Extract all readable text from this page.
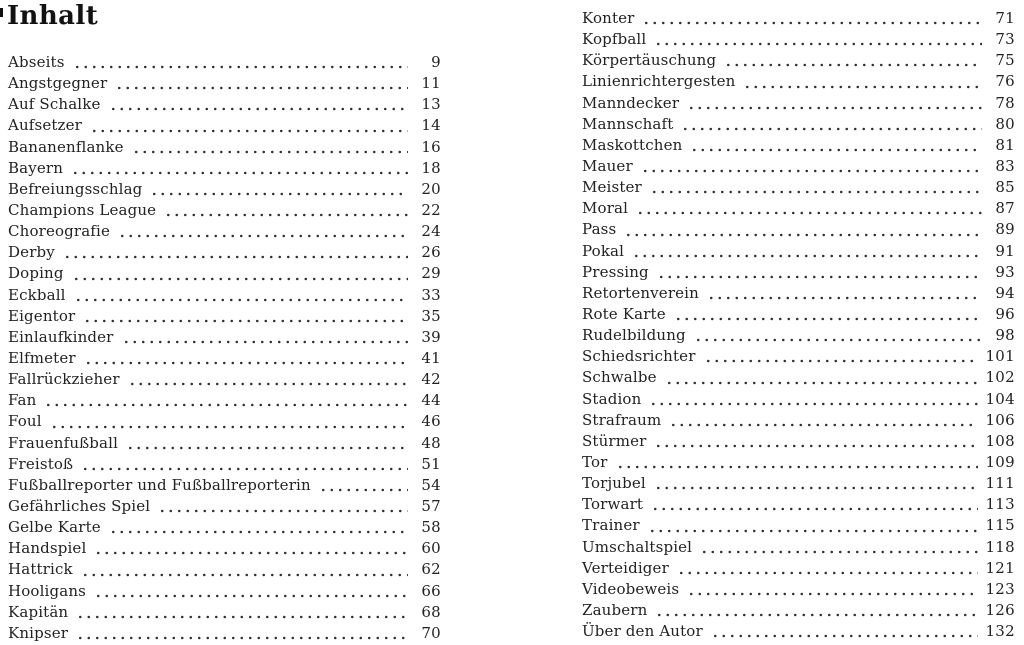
Inhalt
Abseits	9
Angstgegner	11
Auf Schalke	13
Aufsetzer	14
Bananenflanke	16
Bayern	18
Befreiungsschlag	20
Champions League	22
Choreografie	24
Derby	26
Doping	29
Eckball	33
Eigentor	35
Einlaufkinder	39
Elfmeter	41
Fallrückzieher	42
Fan	44
Foul	46
Frauenfußball	48
Freistoß	51
Fußballreporter und Fußballreporterin	54
Gefährliches Spiel	57
Gelbe Karte	58
Handspiel	60
Hattrick	62
Hooligans	66
Kapitän	68
Knipser	70
Konter	71
Kopfball	73
Körpertäuschung	75
Linienrichtergesten	76
Manndecker	78
Mannschaft	80
Maskottchen	81
Mauer	83
Meister	85
Moral	87
Pass	89
Pokal	91
Pressing	93
Retortenverein	94
Rote Karte	96
Rudelbildung	98
Schiedsrichter	101
Schwalbe	102
Stadion	104
Strafraum	106
Stürmer	108
Tor	109
Torjubel	111
Torwart	113
Trainer	115
Umschaltspiel	118
Verteidiger	121
Videobeweis	123
Zaubern	126
Über den Autor	132
